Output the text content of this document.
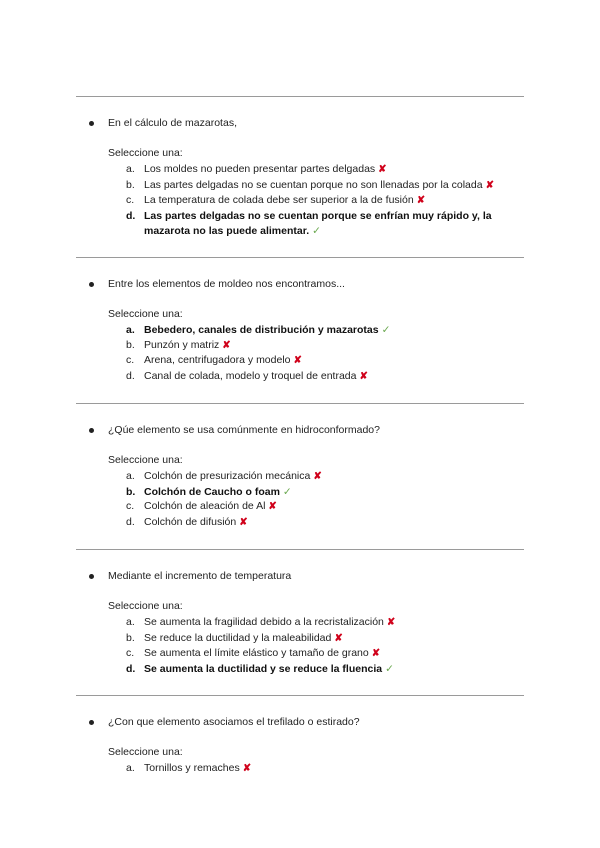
En el cálculo de mazarotas,
Seleccione una:
a. Los moldes no pueden presentar partes delgadas ✘
b. Las partes delgadas no se cuentan porque no son llenadas por la colada ✘
c. La temperatura de colada debe ser superior a la de fusión ✘
d. Las partes delgadas no se cuentan porque se enfrían muy rápido y, la mazarota no las puede alimentar. ✓
Entre los elementos de moldeo nos encontramos...
Seleccione una:
a. Bebedero, canales de distribución y mazarotas ✓
b. Punzón y matriz ✘
c. Arena, centrifugadora y modelo ✘
d. Canal de colada, modelo y troquel de entrada ✘
¿Qúe elemento se usa comúnmente en hidroconformado?
Seleccione una:
a. Colchón de presurización mecánica ✘
b. Colchón de Caucho o foam ✓
c. Colchón de aleación de Al ✘
d. Colchón de difusión ✘
Mediante el incremento de temperatura
Seleccione una:
a. Se aumenta la fragilidad debido a la recristalización ✘
b. Se reduce la ductilidad y la maleabilidad ✘
c. Se aumenta el límite elástico y tamaño de grano ✘
d. Se aumenta la ductilidad y se reduce la fluencia ✓
¿Con que elemento asociamos el trefilado o estirado?
Seleccione una:
a. Tornillos y remaches ✘
